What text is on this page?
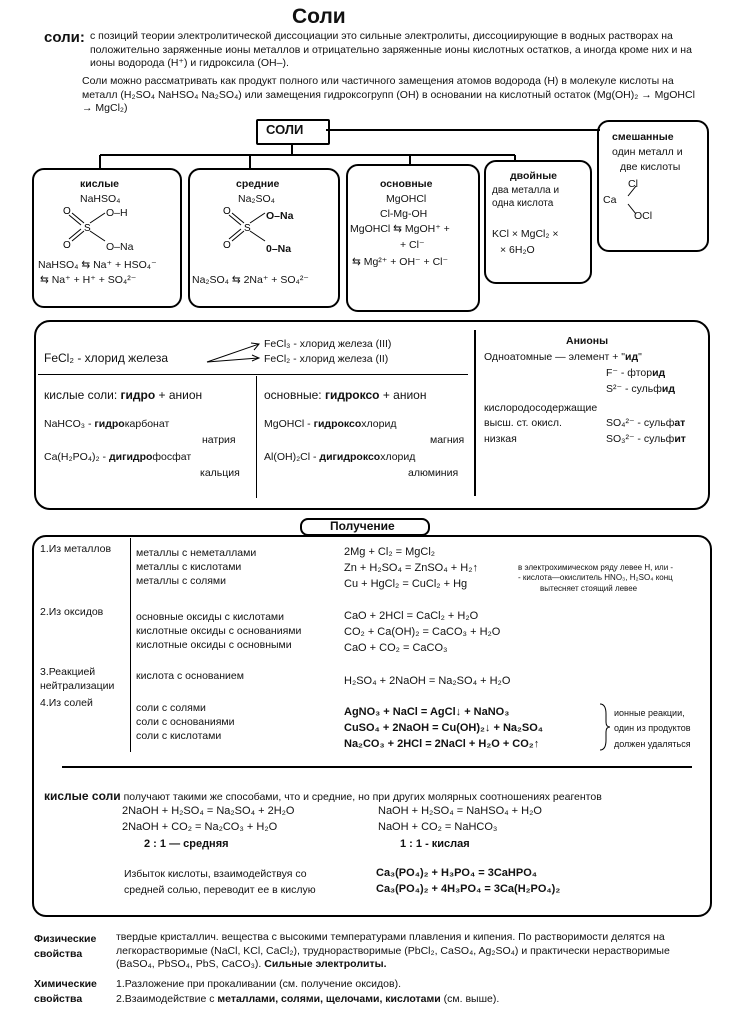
Соли
соли: с позиций теории электролитической диссоциации это сильные электролиты, диссоциирующие в водных растворах на положительно заряженные ионы металлов и отрицательно заряженные ионы кислотных остатков, а иногда кроме них и на ионы водорода (H⁺) и гидроксила (OH–).
Соли можно рассматривать как продукт полного или частичного замещения атомов водорода (Н) в молекуле кислоты на металл (H₂SO₄ NaHSO₄ Na₂SO₄) или замещения гидроксогрупп (ОН) в основании на кислотный остаток (Mg(OH)₂ → MgOHCl → MgCl₂)
СОЛИ
кислые
NaHSO₄
S
O
O
O–H
O–Na
NaHSO₄ ⇆ Na⁺ + HSO₄⁻
⇆ Na⁺ + H⁺ + SO₄²⁻
средние
Na₂SO₄
S
O
O
O–Na
0–Na
Na₂SO₄ ⇆ 2Na⁺ + SO₄²⁻
основные
MgOHCl
Cl-Mg-OH
MgOHCl ⇆ MgOH⁺ +
+ Cl⁻
⇆ Mg²⁺ + OH⁻ + Cl⁻
двойные
два металла и
одна кислота
KCl × MgCl₂ ×
× 6H₂O
смешанные
один металл и
две кислоты
Cl
Ca
OCl
FeCl₂ - хлорид железа
FeCl₃ - хлорид железа (III)
FeCl₂ - хлорид железа (II)
кислые соли: гидро + анион
NaHCO₃ - гидрокарбонат
натрия
Ca(H₂PO₄)₂ - дигидрофосфат
кальция
основные: гидроксо + анион
MgOHCl - гидроксохлорид
магния
Al(OH)₂Cl - дигидроксохлорид
алюминия
Анионы
Одноатомные — элемент + "ид"
F⁻ - фторид
S²⁻ - сульфид
кислородосодержащие
высш. ст. окисл.	SO₄²⁻ - сульфат
низкая	SO₃²⁻ - сульфит
Получение
1.Из металлов металлы с неметаллами
металлы с кислотами
металлы с солями
2Mg + Cl₂ = MgCl₂
Zn + H₂SO₄ = ZnSO₄ + H₂↑
Cu + HgCl₂ = CuCl₂ + Hg
в электрохимическом ряду левее Н, или -
- кислота—окислитель HNO₃, H₂SO₄ конц
вытесняет стоящий левее
2.Из оксидов	основные оксиды с кислотами
кислотные оксиды с основаниями
кислотные оксиды с основными
CaO + 2HCl = CaCl₂ + H₂O
CO₂ + Ca(OH)₂ = CaCO₃ + H₂O
CaO + CO₂ = CaCO₃
3.Реакцией
нейтрализации
кислота с основанием	H₂SO₄ + 2NaOH = Na₂SO₄ + H₂O
4.Из солей	соли с солями
соли с основаниями
соли с кислотами
AgNO₃ + NaCl = AgCl↓ + NaNO₃
CuSO₄ + 2NaOH = Cu(OH)₂↓ + Na₂SO₄
Na₂CO₃ + 2HCl = 2NaCl + H₂O + CO₂↑
ионные реакции,
один из продуктов
должен удаляться
кислые соли получают такими же способами, что и средние, но при других молярных соотношениях реагентов
2NaOH + H₂SO₄ = Na₂SO₄ + 2H₂O	NaOH + H₂SO₄ = NaHSO₄ + H₂O
2NaOH + CO₂ = Na₂CO₃ + H₂O	NaOH + CO₂ = NaHCO₃
2 : 1 — средняя	1 : 1 - кислая
Избыток кислоты, взаимодействуя со
средней солью, переводит ее в кислую
Ca₃(PO₄)₂ + H₃PO₄ = 3CaHPO₄
Ca₃(PO₄)₂ + 4H₃PO₄ = 3Ca(H₂PO₄)₂
Физические
свойства
твердые кристаллич. вещества с высокими температурами плавления и кипения. По растворимости делятся на легкорастворимые (NaCl, KCl, CaCl₂), труднорастворимые (PbCl₂, CaSO₄, Ag₂SO₄) и практически нерастворимые (BaSO₄, PbSO₄, PbS, CaCO₃). Сильные электролиты.
Химические
свойства
1.Разложение при прокаливании (см. получение оксидов).
2.Взаимодействие с металлами, солями, щелочами, кислотами (см. выше).
